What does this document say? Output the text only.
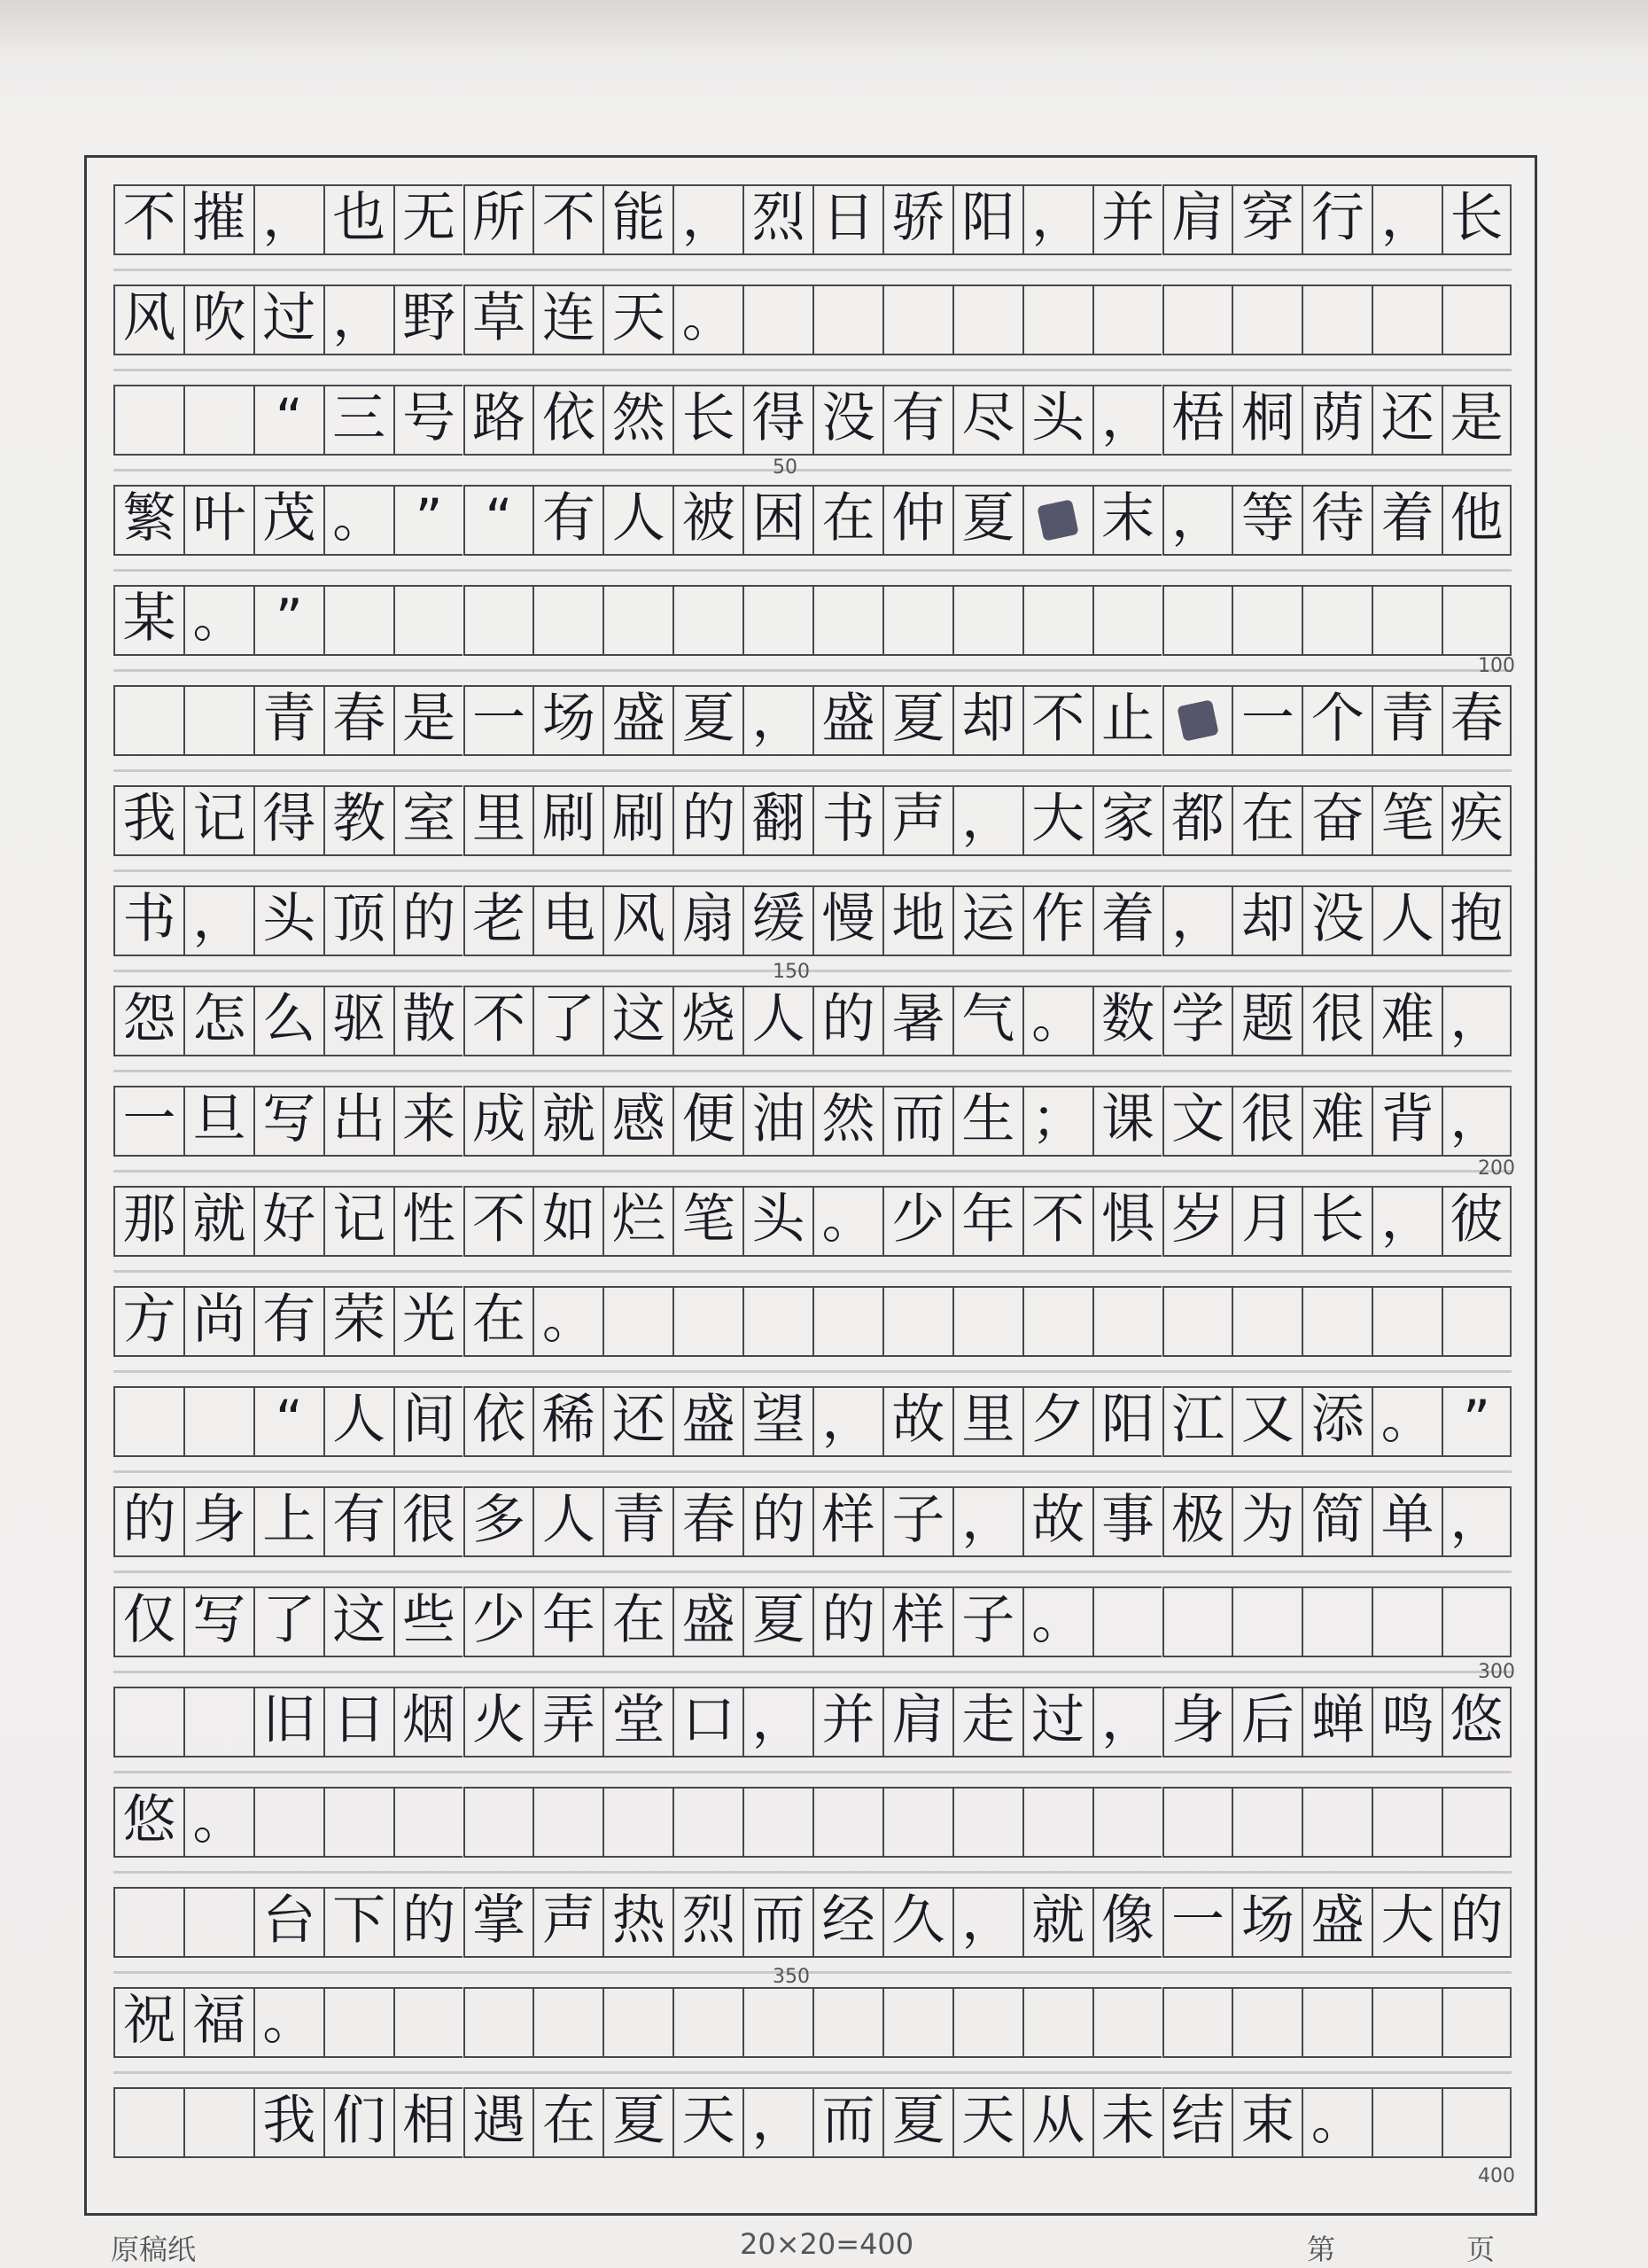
不 摧 ， 也 无 所 不 能 ， 烈 日 骄 阳 ， 并 肩 穿 行 ， 长
风 吹 过 ， 野 草 连 天 。
“ 三 号 路 依 然 长 得 没 有 尽 头 ， 梧 桐 荫 还 是
繁 叶 茂 。 ” “ 有 人 被 困 在 仲 夏 末 ， 等 待 着 他
某 。 ”
青 春 是 一 场 盛 夏 ， 盛 夏 却 不 止 一 个 青 春
我 记 得 教 室 里 刷 刷 的 翻 书 声 ， 大 家 都 在 奋 笔 疾
书 ， 头 顶 的 老 电 风 扇 缓 慢 地 运 作 着 ， 却 没 人 抱
怨 怎 么 驱 散 不 了 这 烧 人 的 暑 气 。 数 学 题 很 难 ，
一 旦 写 出 来 成 就 感 便 油 然 而 生 ； 课 文 很 难 背 ，
那 就 好 记 性 不 如 烂 笔 头 。 少 年 不 惧 岁 月 长 ， 彼
方 尚 有 荣 光 在 。
“ 人 间 依 稀 还 盛 望 ， 故 里 夕 阳 江 又 添 。 ”
的 身 上 有 很 多 人 青 春 的 样 子 ， 故 事 极 为 简 单 ，
仅 写 了 这 些 少 年 在 盛 夏 的 样 子 。
旧 日 烟 火 弄 堂 口 ， 并 肩 走 过 ， 身 后 蝉 鸣 悠
悠 。
台 下 的 掌 声 热 烈 而 经 久 ， 就 像 一 场 盛 大 的
祝 福 。
我 们 相 遇 在 夏 天 ， 而 夏 天 从 未 结 束 。
50
100
150
200
300
350
400
原稿纸	20×20=400	第	页
